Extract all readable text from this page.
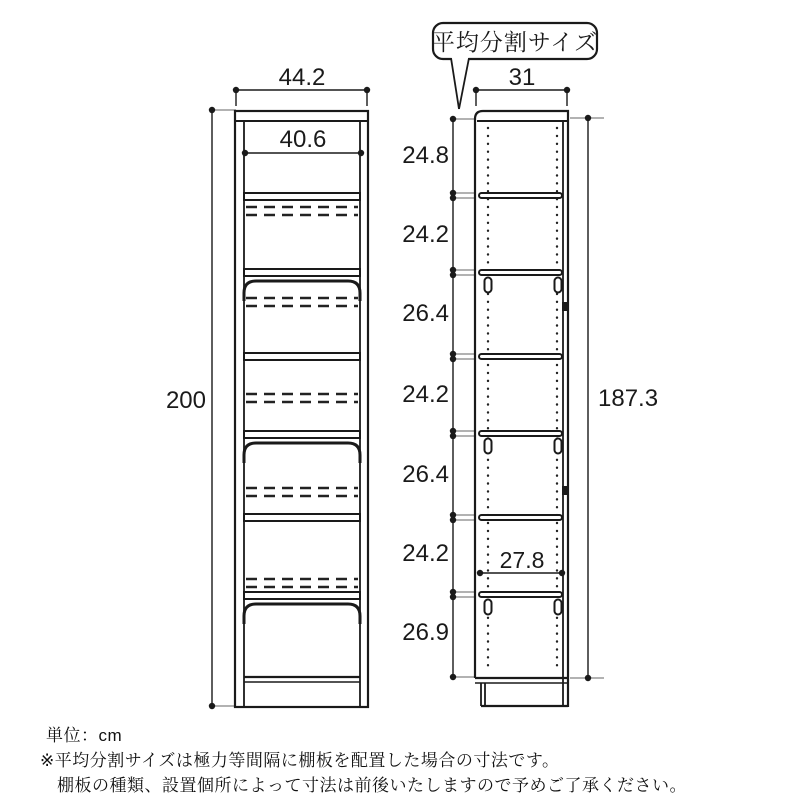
44.2
40.6
200
31
187.3
27.8
24.8
24.2
26.4
24.2
26.4
24.2
26.9
平均分割サイズ
単位：cm
※平均分割サイズは極力等間隔に棚板を配置した場合の寸法です。
棚板の種類、設置個所によって寸法は前後いたしますので予めご了承ください。
